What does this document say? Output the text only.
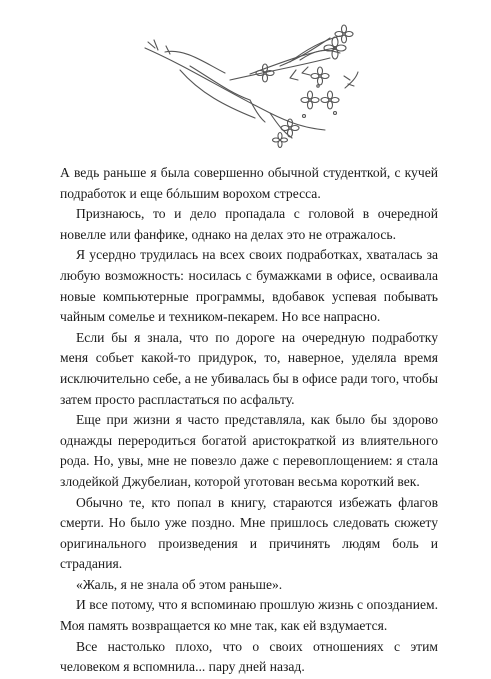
А ведь раньше я была совершенно обычной студенткой, с кучей подработок и еще бóльшим ворохом стресса.

Признаюсь, то и дело пропадала с головой в очередной новелле или фанфике, однако на делах это не отражалось.

Я усердно трудилась на всех своих подработках, хваталась за любую возможность: носилась с бумажками в офисе, осваивала новые компьютерные программы, вдобавок успевая побывать чайным сомелье и техником-пекарем. Но все напрасно.

Если бы я знала, что по дороге на очередную подработку меня собьет какой-то придурок, то, наверное, уделяла время исключительно себе, а не убивалась бы в офисе ради того, чтобы затем просто распластаться по асфальту.

Еще при жизни я часто представляла, как было бы здорово однажды переродиться богатой аристократкой из влиятельного рода. Но, увы, мне не повезло даже с перевоплощением: я стала злодейкой Джубелиан, которой уготован весьма короткий век.

Обычно те, кто попал в книгу, стараются избежать флагов смерти. Но было уже поздно. Мне пришлось следовать сюжету оригинального произведения и причинять людям боль и страдания.

«Жаль, я не знала об этом раньше».

И все потому, что я вспоминаю прошлую жизнь с опозданием. Моя память возвращается ко мне так, как ей вздумается.

Все настолько плохо, что о своих отношениях с этим человеком я вспомнила... пару дней назад.
